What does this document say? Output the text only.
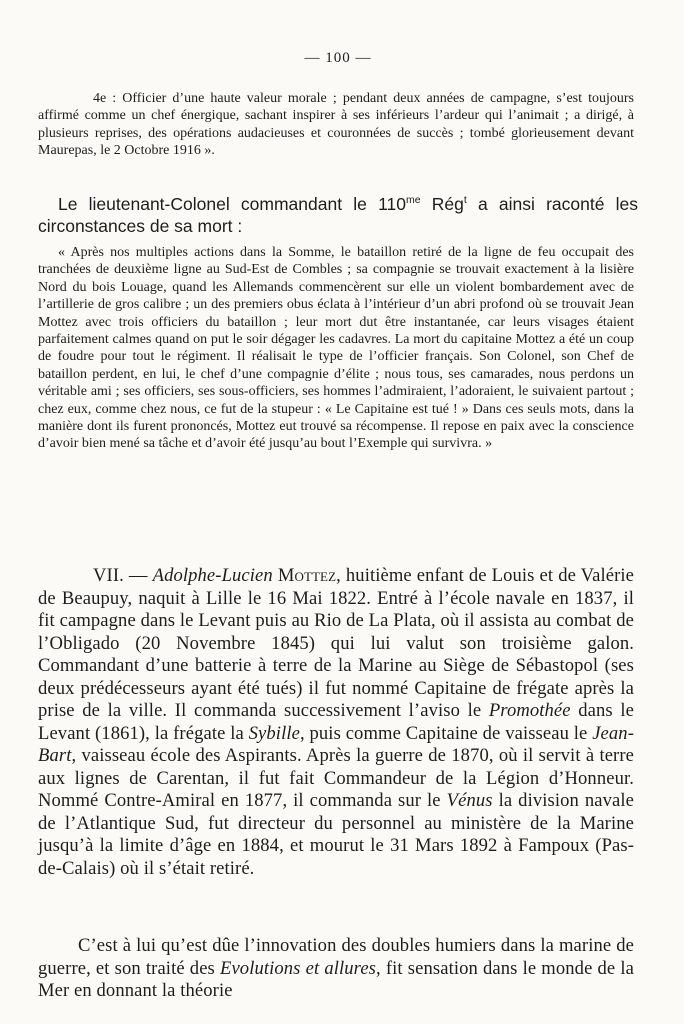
— 100 —

4e : Officier d’une haute valeur morale ; pendant deux années de campagne, s’est toujours affirmé comme un chef énergique, sachant inspirer à ses inférieurs l’ardeur qui l’animait ; a dirigé, à plusieurs reprises, des opérations audacieuses et couronnées de succès ; tombé glorieusement devant Maurepas, le 2 Octobre 1916 ».

Le lieutenant-Colonel commandant le $110^{me}$ Rég$^t$ a ainsi raconté les circonstances de sa mort :

« Après nos multiples actions dans la Somme, le bataillon retiré de la ligne de feu occupait des tranchées de deuxième ligne au Sud-Est de Combles ; sa compagnie se trouvait exactement à la lisière Nord du bois Louage, quand les Allemands commencèrent sur elle un violent bombardement avec de l’artillerie de gros calibre ; un des premiers obus éclata à l’intérieur d’un abri profond où se trouvait Jean Mottez avec trois officiers du bataillon ; leur mort dut être instantanée, car leurs visages étaient parfaitement calmes quand on put le soir dégager les cadavres. La mort du capitaine Mottez a été un coup de foudre pour tout le régiment. Il réalisait le type de l’officier français. Son Colonel, son Chef de bataillon perdent, en lui, le chef d’une compagnie d’élite ; nous tous, ses camarades, nous perdons un véritable ami ; ses officiers, ses sous-officiers, ses hommes l’admiraient, l’adoraient, le suivaient partout ; chez eux, comme chez nous, ce fut de la stupeur : « Le Capitaine est tué ! » Dans ces seuls mots, dans la manière dont ils furent prononcés, Mottez eut trouvé sa récompense. Il repose en paix avec la conscience d’avoir bien mené sa tâche et d’avoir été jusqu’au bout l’Exemple qui survivra. »

VII. — Adolphe-Lucien Mottez, huitième enfant de Louis et de Valérie de Beaupuy, naquit à Lille le 16 Mai 1822. Entré à l’école navale en 1837, il fit campagne dans le Levant puis au Rio de La Plata, où il assista au combat de l’Obligado (20 Novembre 1845) qui lui valut son troisième galon. Commandant d’une batterie à terre de la Marine au Siège de Sébastopol (ses deux prédécesseurs ayant été tués) il fut nommé Capitaine de frégate après la prise de la ville. Il commanda successivement l’aviso le Promothée dans le Levant (1861), la frégate la Sybille, puis comme Capitaine de vaisseau le Jean-Bart, vaisseau école des Aspirants. Après la guerre de 1870, où il servit à terre aux lignes de Carentan, il fut fait Commandeur de la Légion d’Honneur. Nommé Contre-Amiral en 1877, il commanda sur le Vénus la division navale de l’Atlantique Sud, fut directeur du personnel au ministère de la Marine jusqu’à la limite d’âge en 1884, et mourut le 31 Mars 1892 à Fampoux (Pas-de-Calais) où il s’était retiré.

C’est à lui qu’est dûe l’innovation des doubles humiers dans la marine de guerre, et son traité des Evolutions et allures, fit sensation dans le monde de la Mer en donnant la théorie
